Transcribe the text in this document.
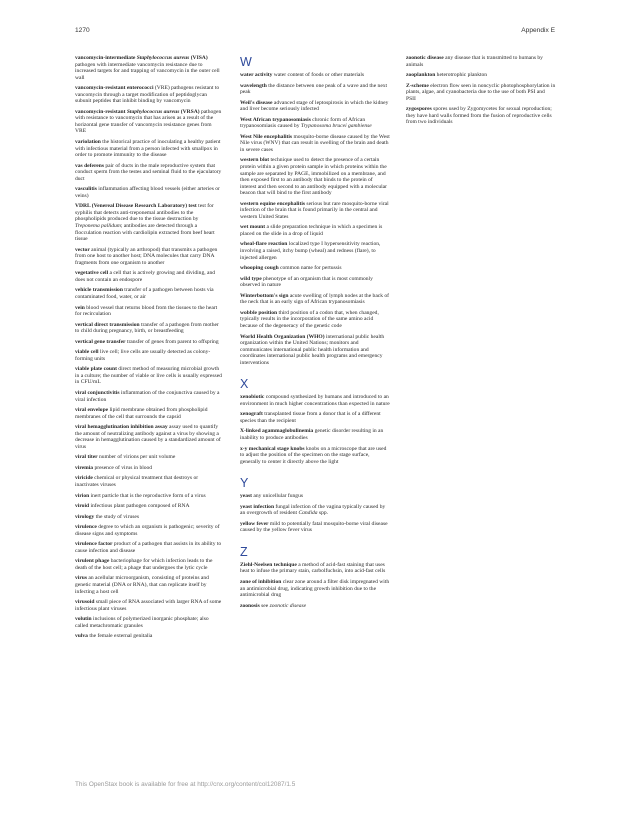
1270	Appendix E

vancomycin-intermediate Staphylococcus aureus (VISA) pathogen with intermediate vancomycin resistance due to increased targets for and trapping of vancomycin in the outer cell wall

vancomycin-resistant enterococci (VRE) pathogens resistant to vancomycin through a target modification of peptidoglycan subunit peptides that inhibit binding by vancomycin

vancomycin-resistant Staphylococcus aureus (VRSA) pathogen with resistance to vancomycin that has arisen as a result of the horizontal gene transfer of vancomycin resistance genes from VRE

variolation the historical practice of inoculating a healthy patient with infectious material from a person infected with smallpox in order to promote immunity to the disease

vas deferens pair of ducts in the male reproductive system that conduct sperm from the testes and seminal fluid to the ejaculatory duct

vasculitis inflammation affecting blood vessels (either arteries or veins)

VDRL (Venereal Disease Research Laboratory) test test for syphilis that detects anti-treponemal antibodies to the phospholipids produced due to the tissue destruction by Treponema pallidum; antibodies are detected through a flocculation reaction with cardiolipin extracted from beef heart tissue

vector animal (typically an arthropod) that transmits a pathogen from one host to another host; DNA molecules that carry DNA fragments from one organism to another

vegetative cell a cell that is actively growing and dividing, and does not contain an endospore

vehicle transmission transfer of a pathogen between hosts via contaminated food, water, or air

vein blood vessel that returns blood from the tissues to the heart for recirculation

vertical direct transmission transfer of a pathogen from mother to child during pregnancy, birth, or breastfeeding

vertical gene transfer transfer of genes from parent to offspring

viable cell live cell; live cells are usually detected as colony-forming units

viable plate count direct method of measuring microbial growth in a culture; the number of viable or live cells is usually expressed in CFU/mL

viral conjunctivitis inflammation of the conjunctiva caused by a viral infection

viral envelope lipid membrane obtained from phospholipid membranes of the cell that surrounds the capsid

viral hemagglutination inhibition assay assay used to quantify the amount of neutralizing antibody against a virus by showing a decrease in hemagglutination caused by a standardized amount of virus

viral titer number of virions per unit volume

viremia presence of virus in blood

viricide chemical or physical treatment that destroys or inactivates viruses

virion inert particle that is the reproductive form of a virus

viroid infectious plant pathogen composed of RNA

virology the study of viruses

virulence degree to which an organism is pathogenic; severity of disease signs and symptoms

virulence factor product of a pathogen that assists in its ability to cause infection and disease

virulent phage bacteriophage for which infection leads to the death of the host cell; a phage that undergoes the lytic cycle

virus an acellular microorganism, consisting of proteins and genetic material (DNA or RNA), that can replicate itself by infecting a host cell

virusoid small piece of RNA associated with larger RNA of some infectious plant viruses

volutin inclusions of polymerized inorganic phosphate; also called metachromatic granules

vulva the female external genitalia

W

water activity water content of foods or other materials

wavelength the distance between one peak of a wave and the next peak

Weil's disease advanced stage of leptospirosis in which the kidney and liver become seriously infected

West African trypanosomiasis chronic form of African trypanosomiasis caused by Trypanosoma brucei gambiense

West Nile encephalitis mosquito-borne disease caused by the West Nile virus (WNV) that can result in swelling of the brain and death in severe cases

western blot technique used to detect the presence of a certain protein within a given protein sample in which proteins within the sample are separated by PAGE, immobilized on a membrane, and then exposed first to an antibody that binds to the protein of interest and then second to an antibody equipped with a molecular beacon that will bind to the first antibody

western equine encephalitis serious but rare mosquito-borne viral infection of the brain that is found primarily in the central and western United States

wet mount a slide preparation technique in which a specimen is placed on the slide in a drop of liquid

wheal-flare reaction localized type I hypersensitivity reaction, involving a raised, itchy bump (wheal) and redness (flare), to injected allergen

whooping cough common name for pertussis

wild type phenotype of an organism that is most commonly observed in nature

Winterbottom's sign acute swelling of lymph nodes at the back of the neck that is an early sign of African trypanosomiasis

wobble position third position of a codon that, when changed, typically results in the incorporation of the same amino acid because of the degeneracy of the genetic code

World Health Organization (WHO) international public health organization within the United Nations; monitors and communicates international public health information and coordinates international public health programs and emergency interventions

X

xenobiotic compound synthesized by humans and introduced to an environment in much higher concentrations than expected in nature

xenograft transplanted tissue from a donor that is of a different species than the recipient

X-linked agammaglobulinemia genetic disorder resulting in an inability to produce antibodies

x-y mechanical stage knobs knobs on a microscope that are used to adjust the position of the specimen on the stage surface, generally to center it directly above the light

Y

yeast any unicellular fungus

yeast infection fungal infection of the vagina typically caused by an overgrowth of resident Candida spp.

yellow fever mild to potentially fatal mosquito-borne viral disease caused by the yellow fever virus

Z

Ziehl-Neelsen technique a method of acid-fast staining that uses heat to infuse the primary stain, carbolfuchsin, into acid-fast cells

zone of inhibition clear zone around a filter disk impregnated with an antimicrobial drug, indicating growth inhibition due to the antimicrobial drug

zoonosis see zoonotic disease

zoonotic disease any disease that is transmitted to humans by animals

zooplankton heterotrophic plankton

Z-scheme electron flow seen in noncyclic photophosphorylation in plants, algae, and cyanobacteria due to the use of both PSI and PSII

zygospores spores used by Zygomycetes for sexual reproduction; they have hard walls formed from the fusion of reproductive cells from two individuals

This OpenStax book is available for free at http://cnx.org/content/col12087/1.5
